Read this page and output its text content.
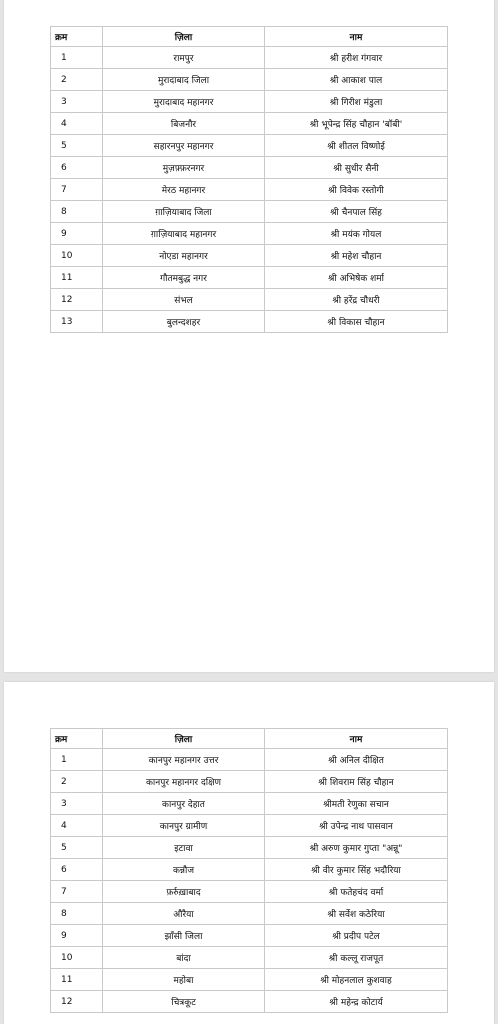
क्रम	ज़िला	नाम
1	रामपुर	श्री हरीश गंगवार
2	मुरादाबाद जिला	श्री आकाश पाल
3	मुरादाबाद महानगर	श्री गिरीश मंडुला
4	बिजनौर	श्री भूपेन्द्र सिंह चौहान 'बॉबी'
5	सहारनपुर महानगर	श्री शीतल विष्णोई
6	मुज़फ़्फ़रनगर	श्री सुधीर सैनी
7	मेरठ महानगर	श्री विवेक रस्तोगी
8	ग़ाज़ियाबाद जिला	श्री चैनपाल सिंह
9	ग़ाज़ियाबाद महानगर	श्री मयंक गोयल
10	नोएडा महानगर	श्री महेश चौहान
11	गौतमबुद्ध नगर	श्री अभिषेक शर्मा
12	संभल	श्री हरेंद्र चौधरी
13	बुलन्दशहर	श्री विकास चौहान
क्रम	ज़िला	नाम
1	कानपुर महानगर उत्तर	श्री अनिल दीक्षित
2	कानपुर महानगर दक्षिण	श्री शिवराम सिंह चौहान
3	कानपुर देहात	श्रीमती रेणुका सचान
4	कानपुर ग्रामीण	श्री उपेन्द्र नाथ पासवान
5	इटावा	श्री अरुण कुमार गुप्ता "अन्नू"
6	कन्नौज	श्री वीर कुमार सिंह भदौरिया
7	फ़र्रुख़ाबाद	श्री फतेहचंद वर्मा
8	औरैया	श्री सर्वेश कठेरिया
9	झाँसी जिला	श्री प्रदीप पटेल
10	बांदा	श्री कल्लू राजपूत
11	महोबा	श्री मोहनलाल कुशवाह
12	चित्रकूट	श्री महेन्द्र कोटार्य
